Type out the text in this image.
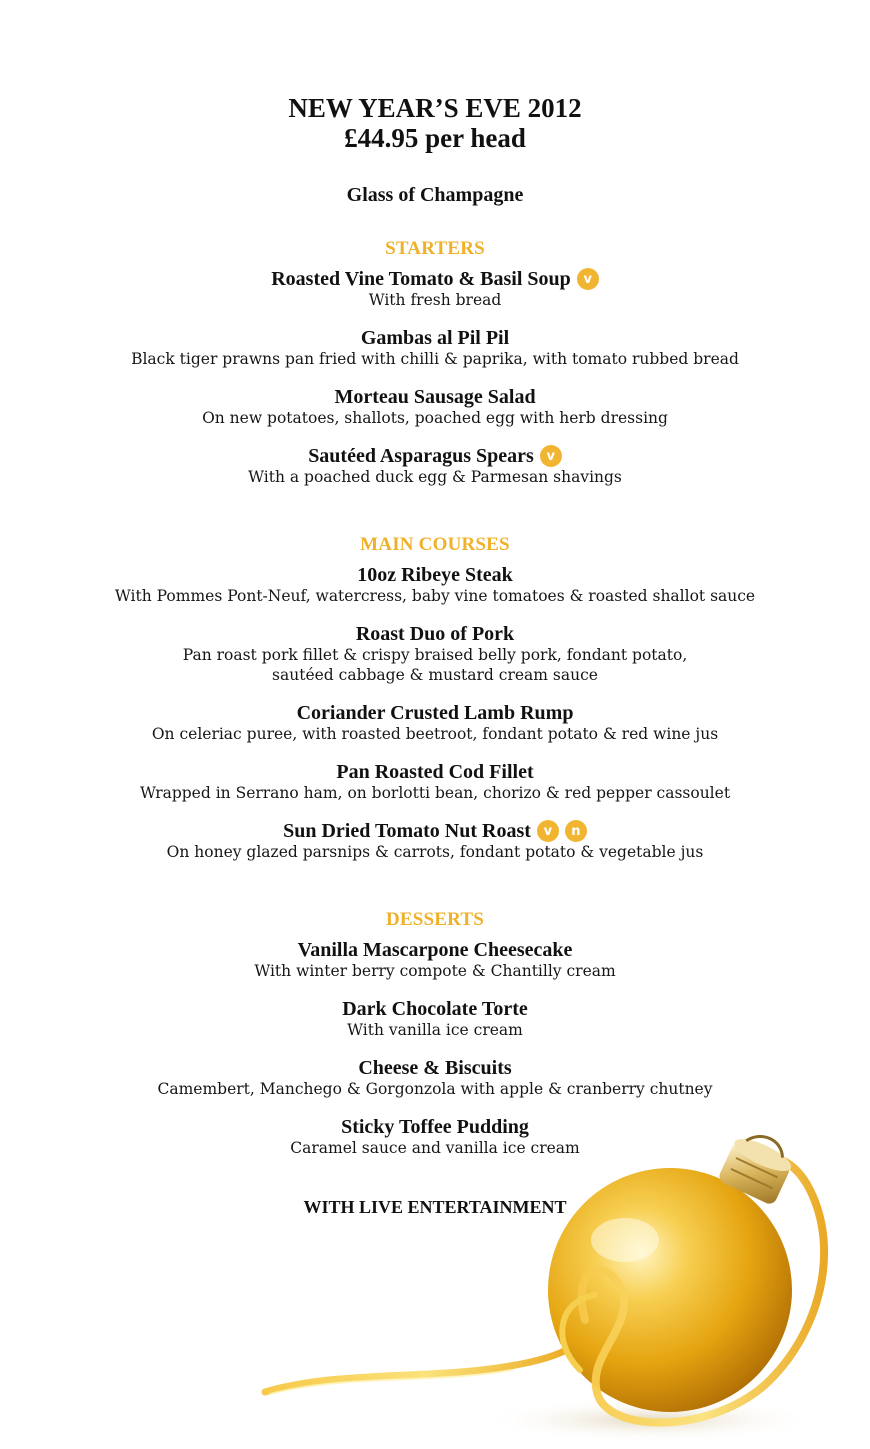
NEW YEAR’S EVE 2012
£44.95 per head
Glass of Champagne
STARTERS
Roasted Vine Tomato & Basil Soup v
With fresh bread
Gambas al Pil Pil
Black tiger prawns pan fried with chilli & paprika, with tomato rubbed bread
Morteau Sausage Salad
On new potatoes, shallots, poached egg with herb dressing
Sautéed Asparagus Spears v
With a poached duck egg & Parmesan shavings
MAIN COURSES
10oz Ribeye Steak
With Pommes Pont-Neuf, watercress, baby vine tomatoes & roasted shallot sauce
Roast Duo of Pork
Pan roast pork fillet & crispy braised belly pork, fondant potato,
sautéed cabbage & mustard cream sauce
Coriander Crusted Lamb Rump
On celeriac puree, with roasted beetroot, fondant potato & red wine jus
Pan Roasted Cod Fillet
Wrapped in Serrano ham, on borlotti bean, chorizo & red pepper cassoulet
Sun Dried Tomato Nut Roast v	n
On honey glazed parsnips & carrots, fondant potato & vegetable jus
DESSERTS
Vanilla Mascarpone Cheesecake
With winter berry compote & Chantilly cream
Dark Chocolate Torte
With vanilla ice cream
Cheese & Biscuits
Camembert, Manchego & Gorgonzola with apple & cranberry chutney
Sticky Toffee Pudding
Caramel sauce and vanilla ice cream
WITH LIVE ENTERTAINMENT
